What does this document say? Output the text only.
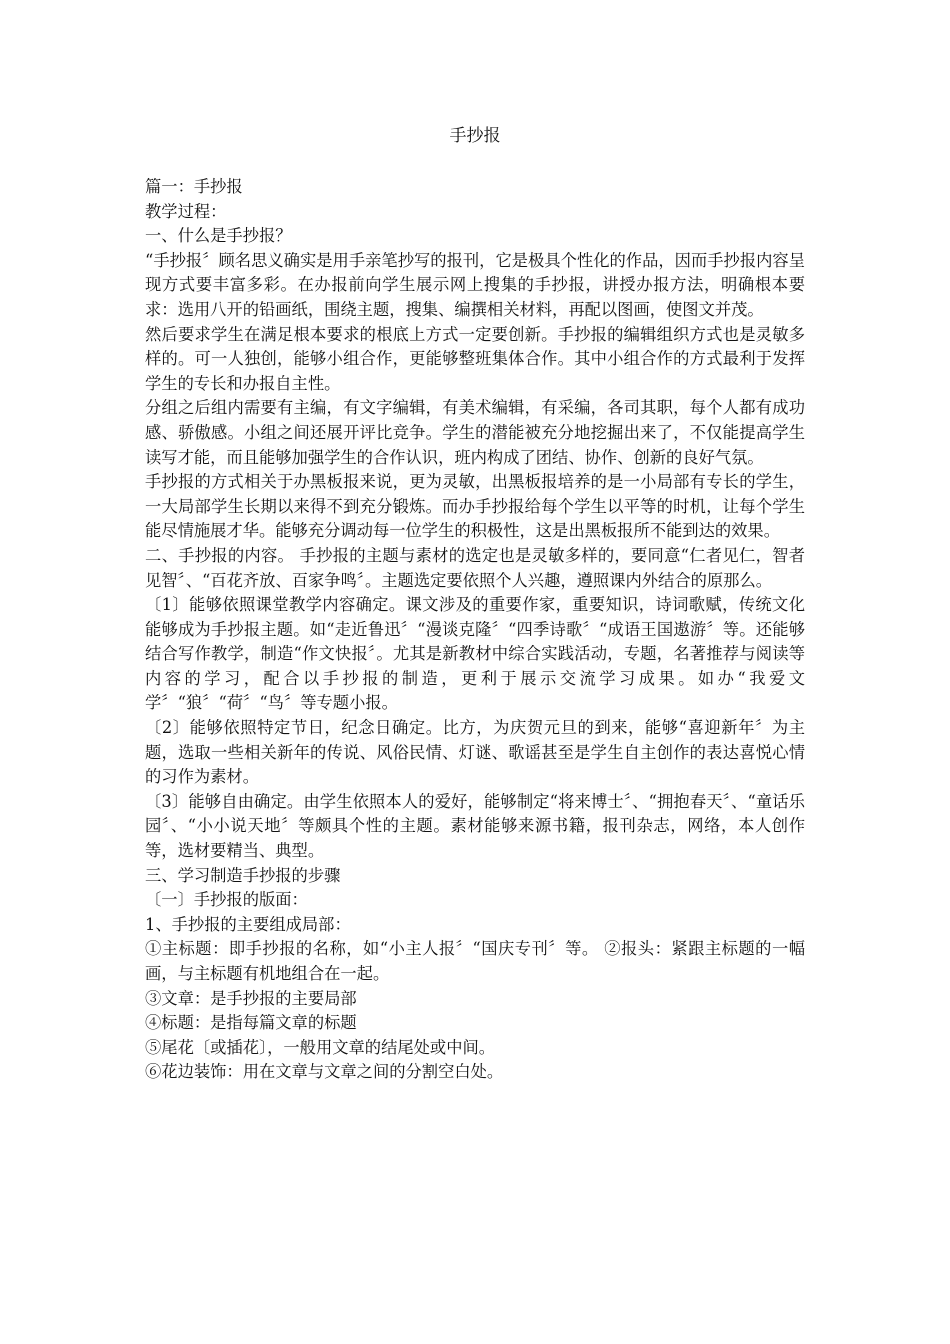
手抄报

篇一：手抄报

教学过程：

一、什么是手抄报？

“手抄报〞顾名思义确实是用手亲笔抄写的报刊，它是极具个性化的作品，因而手抄报内容呈现方式要丰富多彩。在办报前向学生展示网上搜集的手抄报，讲授办报方法，明确根本要求：选用八开的铅画纸，围绕主题，搜集、编撰相关材料，再配以图画，使图文并茂。

然后要求学生在满足根本要求的根底上方式一定要创新。手抄报的编辑组织方式也是灵敏多样的。可一人独创，能够小组合作，更能够整班集体合作。其中小组合作的方式最利于发挥学生的专长和办报自主性。

分组之后组内需要有主编，有文字编辑，有美术编辑，有采编，各司其职，每个人都有成功感、骄傲感。小组之间还展开评比竞争。学生的潜能被充分地挖掘出来了，不仅能提高学生读写才能，而且能够加强学生的合作认识，班内构成了团结、协作、创新的良好气氛。

手抄报的方式相关于办黑板报来说，更为灵敏，出黑板报培养的是一小局部有专长的学生，一大局部学生长期以来得不到充分锻炼。而办手抄报给每个学生以平等的时机，让每个学生能尽情施展才华。能够充分调动每一位学生的积极性，这是出黑板报所不能到达的效果。

二、手抄报的内容。 手抄报的主题与素材的选定也是灵敏多样的，要同意“仁者见仁，智者见智〞、“百花齐放、百家争鸣〞。主题选定要依照个人兴趣，遵照课内外结合的原那么。

〔1〕能够依照课堂教学内容确定。课文涉及的重要作家，重要知识，诗词歌赋，传统文化能够成为手抄报主题。如“走近鲁迅〞“漫谈克隆〞“四季诗歌〞“成语王国遨游〞等。还能够结合写作教学，制造“作文快报〞。尤其是新教材中综合实践活动，专题，名著推荐与阅读等内容的学习，配合以手抄报的制造，更利于展示交流学习成果。如办“我爱文学〞“狼〞“荷〞“鸟〞等专题小报。

〔2〕能够依照特定节日，纪念日确定。比方，为庆贺元旦的到来，能够“喜迎新年〞为主题，选取一些相关新年的传说、风俗民情、灯谜、歌谣甚至是学生自主创作的表达喜悦心情的习作为素材。

〔3〕能够自由确定。由学生依照本人的爱好，能够制定“将来博士〞、“拥抱春天〞、“童话乐园〞、“小小说天地〞等颇具个性的主题。素材能够来源书籍，报刊杂志，网络，本人创作等，选材要精当、典型。

三、学习制造手抄报的步骤

〔一〕手抄报的版面：

1、手抄报的主要组成局部：

①主标题：即手抄报的名称，如“小主人报〞“国庆专刊〞等。 ②报头：紧跟主标题的一幅画，与主标题有机地组合在一起。

③文章：是手抄报的主要局部

④标题：是指每篇文章的标题

⑤尾花〔或插花〕，一般用文章的结尾处或中间。

⑥花边装饰：用在文章与文章之间的分割空白处。
